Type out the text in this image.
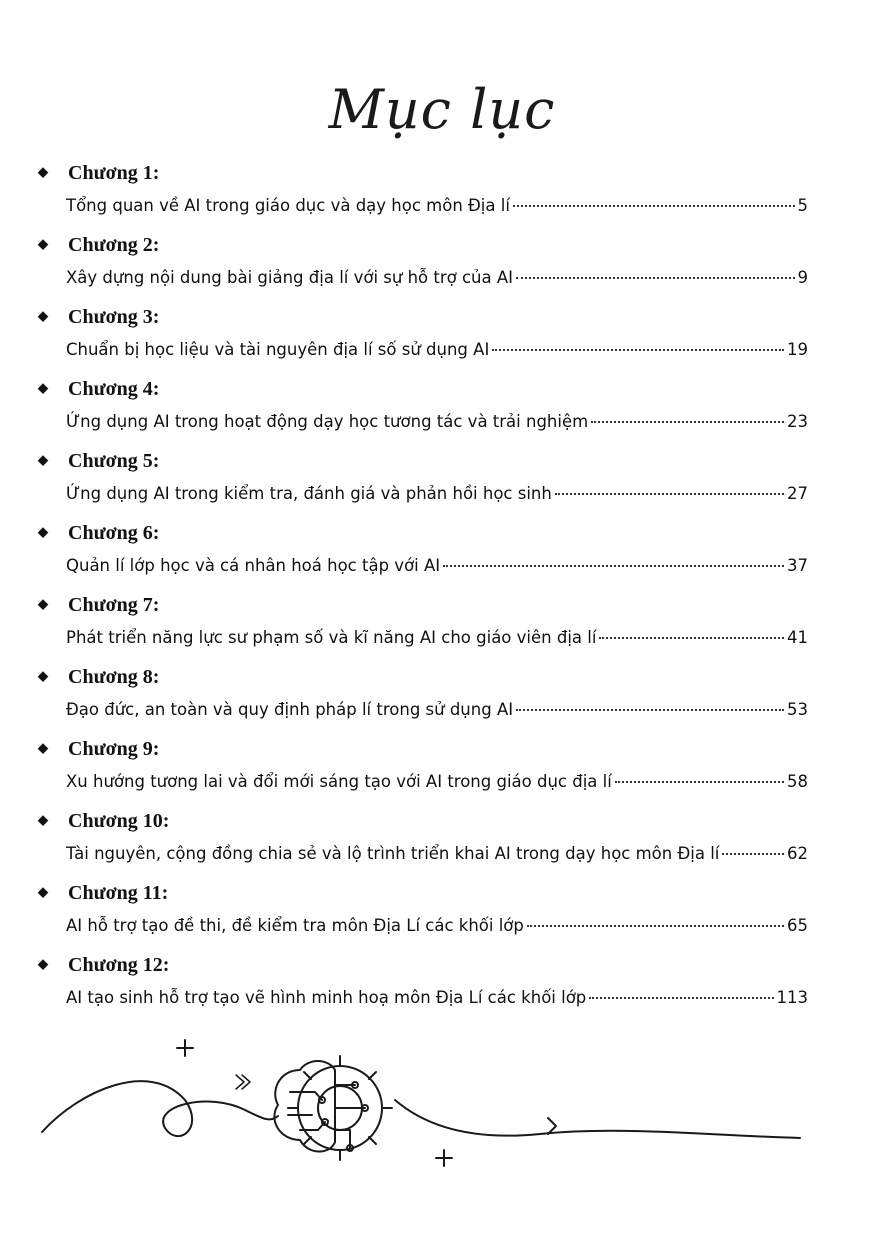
Mục lục
◆ Chương 1:
Tổng quan về AI trong giáo dục và dạy học môn Địa lí	5
◆ Chương 2:
Xây dựng nội dung bài giảng địa lí với sự hỗ trợ của AI	9
◆ Chương 3:
Chuẩn bị học liệu và tài nguyên địa lí số sử dụng AI	19
◆ Chương 4:
Ứng dụng AI trong hoạt động dạy học tương tác và trải nghiệm	23
◆ Chương 5:
Ứng dụng AI trong kiểm tra, đánh giá và phản hồi học sinh	27
◆ Chương 6:
Quản lí lớp học và cá nhân hoá học tập với AI	37
◆ Chương 7:
Phát triển năng lực sư phạm số và kĩ năng AI cho giáo viên địa lí	41
◆ Chương 8:
Đạo đức, an toàn và quy định pháp lí trong sử dụng AI	53
◆ Chương 9:
Xu hướng tương lai và đổi mới sáng tạo với AI trong giáo dục địa lí	58
◆ Chương 10:
Tài nguyên, cộng đồng chia sẻ và lộ trình triển khai AI trong dạy học môn Địa lí	62
◆ Chương 11:
AI hỗ trợ tạo đề thi, đề kiểm tra môn Địa Lí các khối lớp	65
◆ Chương 12:
AI tạo sinh hỗ trợ tạo vẽ hình minh hoạ môn Địa Lí các khối lớp	113
